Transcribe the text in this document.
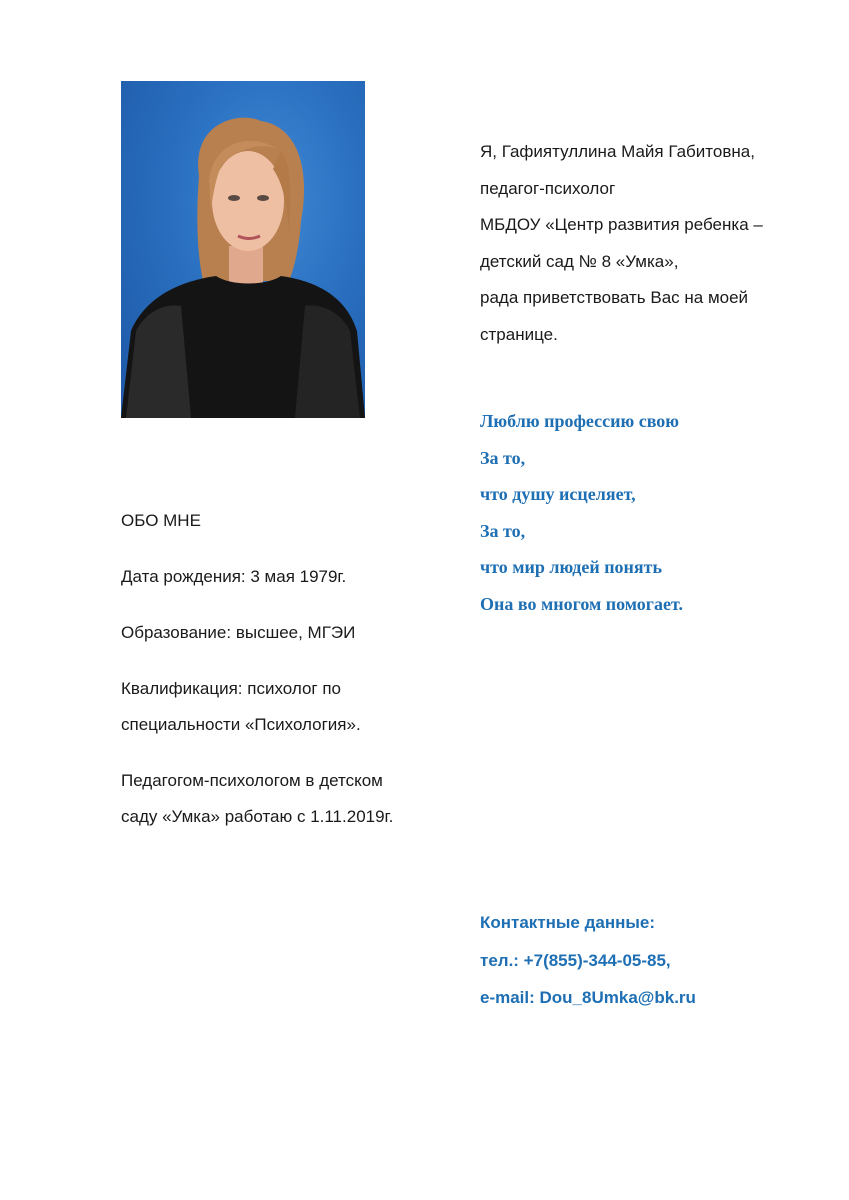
Я, Гафиятуллина Майя Габитовна,

педагог-психолог

МБДОУ «Центр развития ребенка –

детский сад № 8 «Умка»,

рада приветствовать Вас на моей

странице.

Люблю профессию свою

За то,

что душу исцеляет,

За то,

что мир людей понять

Она во многом помогает.

ОБО МНЕ

Дата рождения: 3 мая 1979г.

Образование: высшее, МГЭИ

Квалификация: психолог по

специальности «Психология».

Педагогом-психологом в детском

саду «Умка» работаю с 1.11.2019г.

Контактные данные:

тел.: +7(855)-344-05-85,

e-mail: Dou_8Umka@bk.ru
